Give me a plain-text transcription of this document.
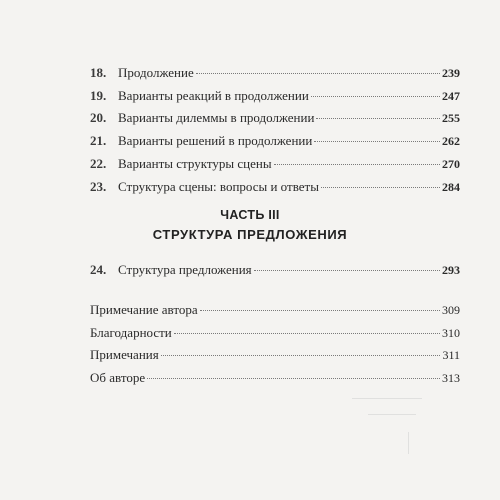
18. Продолжение	239
19. Варианты реакций в продолжении	247
20. Варианты дилеммы в продолжении	255
21. Варианты решений в продолжении	262
22. Варианты структуры сцены	270
23. Структура сцены: вопросы и ответы	284
ЧАСТЬ III
СТРУКТУРА ПРЕДЛОЖЕНИЯ
24. Структура предложения	293
Примечание автора	309
Благодарности	310
Примечания	311
Об авторе	313
